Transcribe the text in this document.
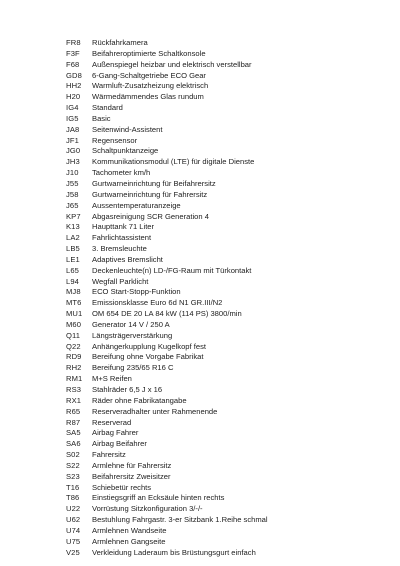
FR8	Rückfahrkamera
F3F	Beifahreroptimierte Schaltkonsole
F68	Außenspiegel heizbar und elektrisch verstellbar
GD8	6-Gang-Schaltgetriebe ECO Gear
HH2	Warmluft-Zusatzheizung elektrisch
H20	Wärmedämmendes Glas rundum
IG4	Standard
IG5	Basic
JA8	Seitenwind-Assistent
JF1	Regensensor
JG0	Schaltpunktanzeige
JH3	Kommunikationsmodul (LTE) für digitale Dienste
J10	Tachometer km/h
J55	Gurtwarneinrichtung für Beifahrersitz
J58	Gurtwarneinrichtung für Fahrersitz
J65	Aussentemperaturanzeige
KP7	Abgasreinigung SCR Generation 4
K13	Haupttank 71 Liter
LA2	Fahrlichtassistent
LB5	3. Bremsleuchte
LE1	Adaptives Bremslicht
L65	Deckenleuchte(n) LD-/FG-Raum mit Türkontakt
L94	Wegfall Parklicht
MJ8	ECO Start-Stopp-Funktion
MT6	Emissionsklasse Euro 6d N1 GR.III/N2
MU1	OM 654 DE 20 LA 84 kW (114 PS) 3800/min
M60	Generator 14 V / 250 A
Q11	Längsträgerverstärkung
Q22	Anhängerkupplung Kugelkopf fest
RD9	Bereifung ohne Vorgabe Fabrikat
RH2	Bereifung 235/65 R16 C
RM1	M+S Reifen
RS3	Stahlräder 6,5 J x 16
RX1	Räder ohne Fabrikatangabe
R65	Reserveradhalter unter Rahmenende
R87	Reserverad
SA5	Airbag Fahrer
SA6	Airbag Beifahrer
S02	Fahrersitz
S22	Armlehne für Fahrersitz
S23	Beifahrersitz Zweisitzer
T16	Schiebetür rechts
T86	Einstiegsgriff an Ecksäule hinten rechts
U22	Vorrüstung Sitzkonfiguration 3/-/-
U62	Bestuhlung Fahrgastr. 3-er Sitzbank 1.Reihe schmal
U74	Armlehnen Wandseite
U75	Armlehnen Gangseite
V25	Verkleidung Laderaum bis Brüstungsgurt einfach
